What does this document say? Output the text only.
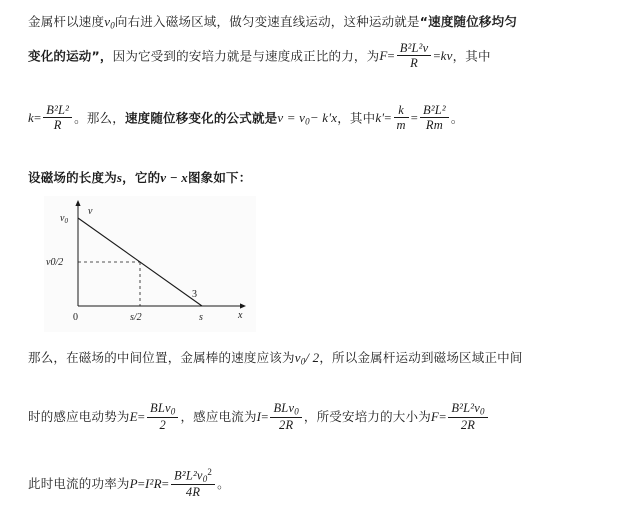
金属杆以速度$v_0$向右进入磁场区域，做匀变速直线运动，这种运动就是“速度随位移均匀
变化的运动”，因为它受到的安培力就是与速度成正比的力，为$F= \frac{\text{B²L²v}}{R} =kv$，其中
$k= \frac{\text{B²L²}}{R}$ 。那么，速度随位移变化的公式就是$v = v_0- k'x$，其中$k'= \frac{k}{m} = \frac{\text{B²L²}}{Rm}$ 。
设磁场的长度为s，它的v − x图象如下：
v
x
$v_0$
v0/2
0	s/2	s
3
那么，在磁场的中间位置，金属棒的速度应该为$v_0/$ 2，所以金属杆运动到磁场区域正中间
时的感应电动势为$E= \frac{BLv_0}{2}$ ，感应电流为$I= \frac{BLv_0}{2R}$ ，所受安培力的大小为$F= \frac{B^2L^2v_0}{2R}$
此时电流的功率为$P=I^2R= \frac{B^2L^2v_0^2}{4R}$ 。
